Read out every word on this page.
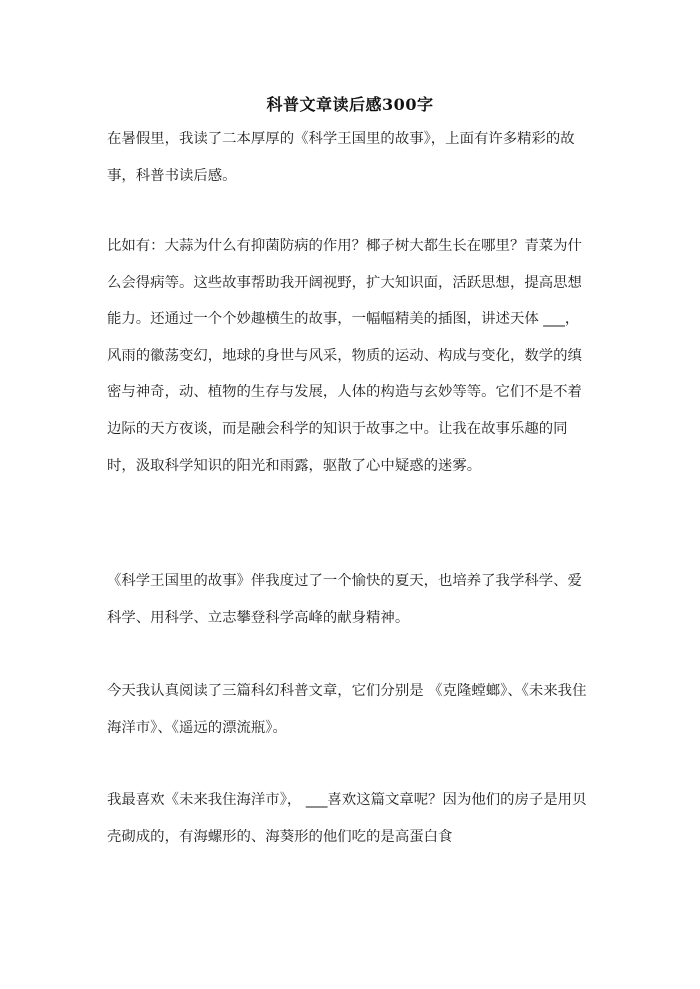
科普文章读后感300字

在暑假里，我读了二本厚厚的《科学王国里的故事》，上面有许多精彩的故事，科普书读后感。

比如有：大蒜为什么有抑菌防病的作用？椰子树大都生长在哪里？青菜为什么会得病等。这些故事帮助我开阔视野，扩大知识面，活跃思想，提高思想能力。还通过一个个妙趣横生的故事，一幅幅精美的插图，讲述天体 ___，风雨的徽荡变幻，地球的身世与风采，物质的运动、构成与变化，数学的缜密与神奇，动、植物的生存与发展，人体的构造与玄妙等等。它们不是不着边际的天方夜谈，而是融会科学的知识于故事之中。让我在故事乐趣的同时，汲取科学知识的阳光和雨露，驱散了心中疑惑的迷雾。

《科学王国里的故事》伴我度过了一个愉快的夏天，也培养了我学科学、爱科学、用科学、立志攀登科学高峰的献身精神。

今天我认真阅读了三篇科幻科普文章，它们分别是 《克隆螳螂》、《未来我住海洋市》、《遥远的漂流瓶》。

我最喜欢《未来我住海洋市》， ___喜欢这篇文章呢？因为他们的房子是用贝壳砌成的，有海螺形的、海葵形的他们吃的是高蛋白食
